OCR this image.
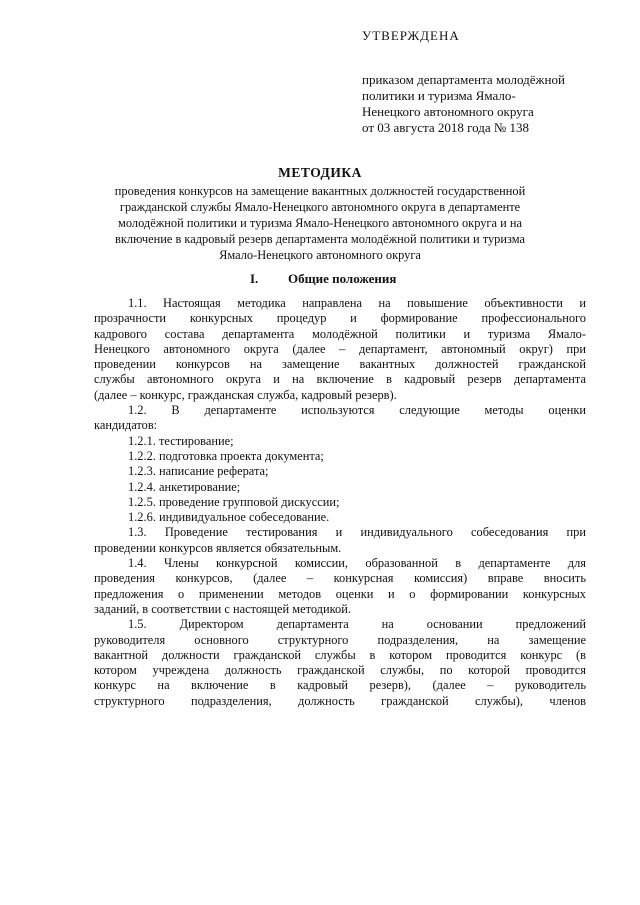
УТВЕРЖДЕНА
приказом департамента молодёжной
политики и туризма Ямало-
Ненецкого автономного округа
от 03 августа 2018 года № 138
МЕТОДИКА
проведения конкурсов на замещение вакантных должностей государственной
гражданской службы Ямало-Ненецкого автономного округа в департаменте
молодёжной политики и туризма Ямало-Ненецкого автономного округа и на
включение в кадровый резерв департамента молодёжной политики и туризма
Ямало-Ненецкого автономного округа
I. Общие положения
1.1. Настоящая методика направлена на повышение объективности и
прозрачности конкурсных процедур и формирование профессионального
кадрового состава департамента молодёжной политики и туризма Ямало-
Ненецкого автономного округа (далее – департамент, автономный округ) при
проведении конкурсов на замещение вакантных должностей гражданской
службы автономного округа и на включение в кадровый резерв департамента
(далее – конкурс, гражданская служба, кадровый резерв).
1.2. В департаменте используются следующие методы оценки
кандидатов:
1.2.1. тестирование;
1.2.2. подготовка проекта документа;
1.2.3. написание реферата;
1.2.4. анкетирование;
1.2.5. проведение групповой дискуссии;
1.2.6. индивидуальное собеседование.
1.3. Проведение тестирования и индивидуального собеседования при
проведении конкурсов является обязательным.
1.4. Члены конкурсной комиссии, образованной в департаменте для
проведения конкурсов, (далее – конкурсная комиссия) вправе вносить
предложения о применении методов оценки и о формировании конкурсных
заданий, в соответствии с настоящей методикой.
1.5. Директором департамента на основании предложений
руководителя основного структурного подразделения, на замещение
вакантной должности гражданской службы в котором проводится конкурс (в
котором учреждена должность гражданской службы, по которой проводится
конкурс на включение в кадровый резерв), (далее – руководитель
структурного подразделения, должность гражданской службы), членов
